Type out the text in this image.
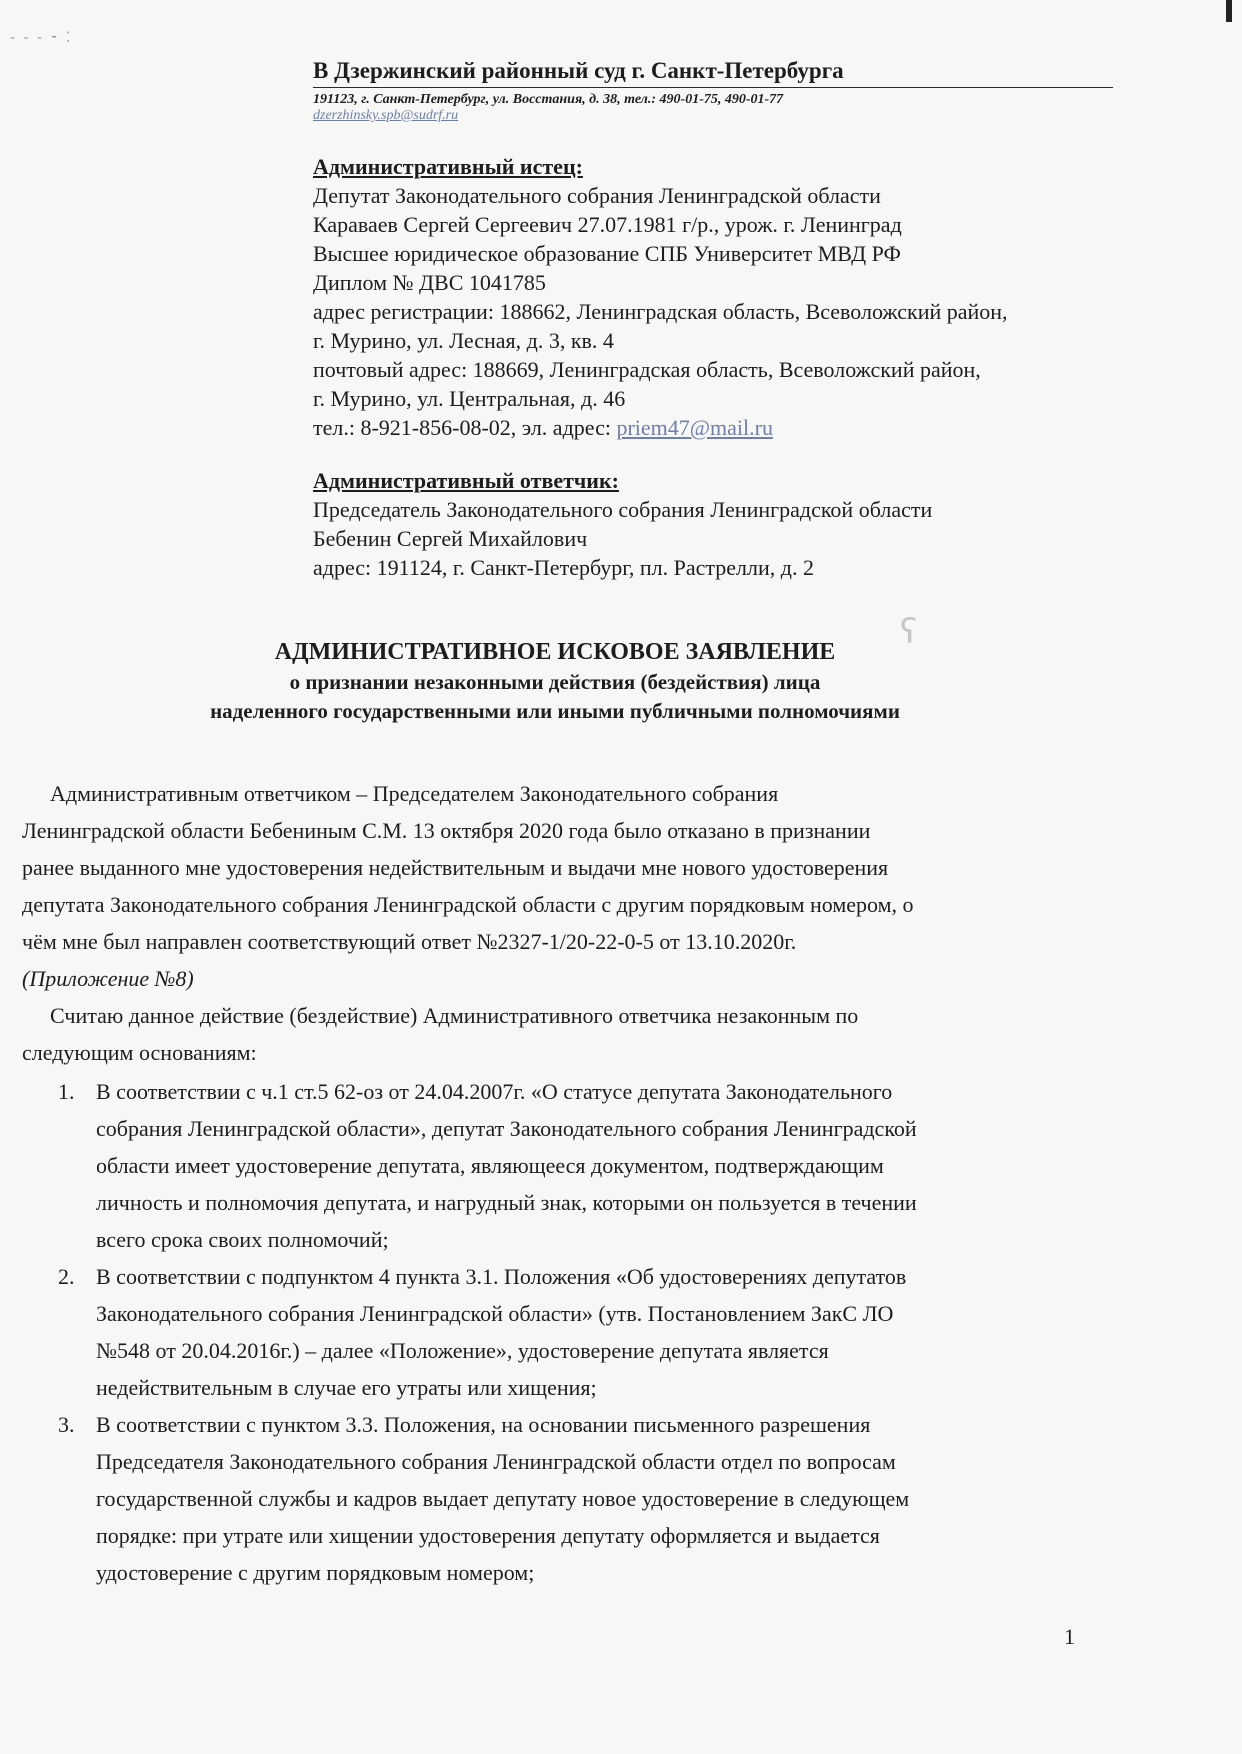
- - - ⁃ ⁚
ʕ
В Дзержинский районный суд г. Санкт-Петербурга
191123, г. Санкт-Петербург, ул. Восстания, д. 38, тел.: 490-01-75, 490-01-77
dzerzhinsky.spb@sudrf.ru
Административный истец:
Депутат Законодательного собрания Ленинградской области
Караваев Сергей Сергеевич 27.07.1981 г/р., урож. г. Ленинград
Высшее юридическое образование СПБ Университет МВД РФ
Диплом № ДВС 1041785
адрес регистрации: 188662, Ленинградская область, Всеволожский район,
г. Мурино, ул. Лесная, д. 3, кв. 4
почтовый адрес: 188669, Ленинградская область, Всеволожский район,
г. Мурино, ул. Центральная, д. 46
тел.: 8-921-856-08-02, эл. адрес: priem47@mail.ru
Административный ответчик:
Председатель Законодательного собрания Ленинградской области
Бебенин Сергей Михайлович
адрес: 191124, г. Санкт-Петербург, пл. Растрелли, д. 2
АДМИНИСТРАТИВНОЕ ИСКОВОЕ ЗАЯВЛЕНИЕ
о признании незаконными действия (бездействия) лица
наделенного государственными или иными публичными полномочиями
Административным ответчиком – Председателем Законодательного собрания
Ленинградской области Бебениным С.М. 13 октября 2020 года было отказано в признании
ранее выданного мне удостоверения недействительным и выдачи мне нового удостоверения
депутата Законодательного собрания Ленинградской области с другим порядковым номером, о
чём мне был направлен соответствующий ответ №2327-1/20-22-0-5 от 13.10.2020г.
(Приложение №8)
Считаю данное действие (бездействие) Административного ответчика незаконным по
следующим основаниям:
1. В соответствии с ч.1 ст.5 62-оз от 24.04.2007г. «О статусе депутата Законодательного
собрания Ленинградской области», депутат Законодательного собрания Ленинградской
области имеет удостоверение депутата, являющееся документом, подтверждающим
личность и полномочия депутата, и нагрудный знак, которыми он пользуется в течении
всего срока своих полномочий;
2. В соответствии с подпунктом 4 пункта 3.1. Положения «Об удостоверениях депутатов
Законодательного собрания Ленинградской области» (утв. Постановлением ЗакС ЛО
№548 от 20.04.2016г.) – далее «Положение», удостоверение депутата является
недействительным в случае его утраты или хищения;
3. В соответствии с пунктом 3.3. Положения, на основании письменного разрешения
Председателя Законодательного собрания Ленинградской области отдел по вопросам
государственной службы и кадров выдает депутату новое удостоверение в следующем
порядке: при утрате или хищении удостоверения депутату оформляется и выдается
удостоверение с другим порядковым номером;
1
